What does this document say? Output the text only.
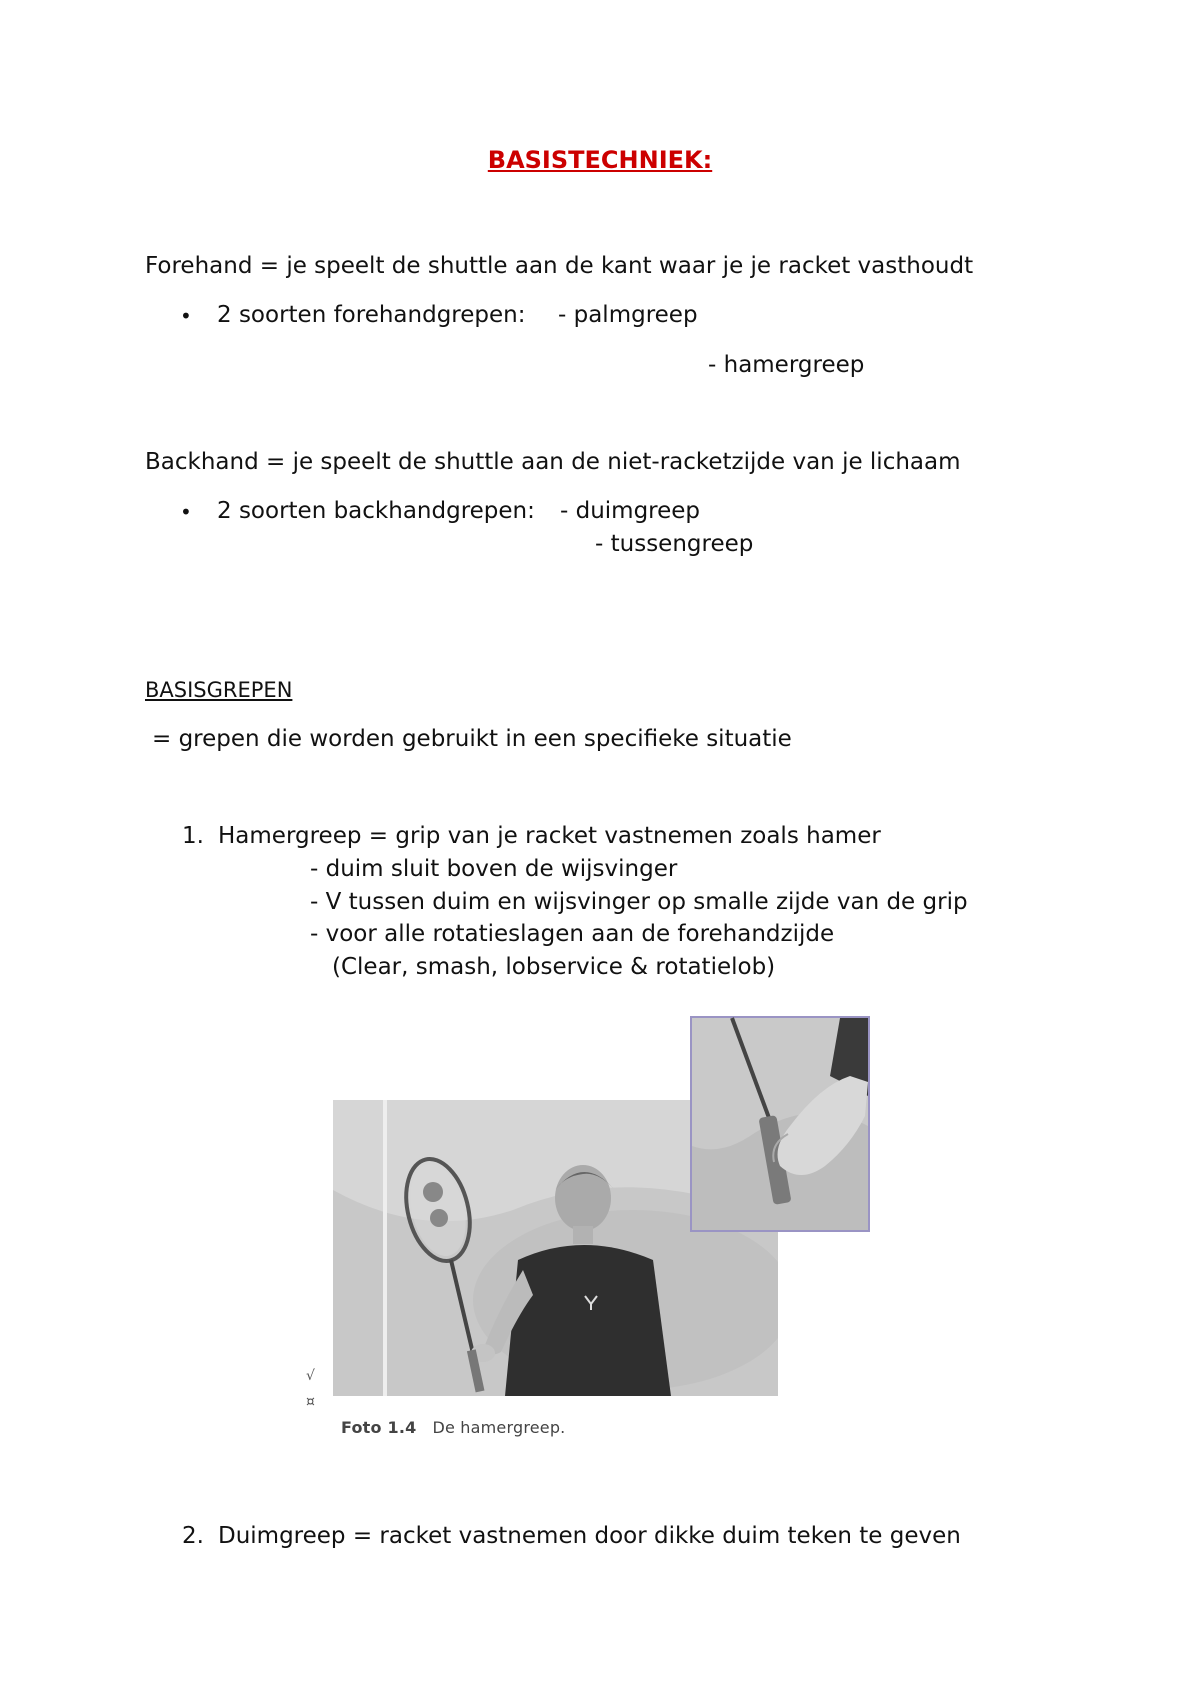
BASISTECHNIEK:
Forehand = je speelt de shuttle aan de kant waar je je racket vasthoudt
• 2 soorten forehandgrepen: - palmgreep
- hamergreep
Backhand = je speelt de shuttle aan de niet-racketzijde van je lichaam
• 2 soorten backhandgrepen: - duimgreep
- tussengreep
BASISGREPEN
= grepen die worden gebruikt in een specifieke situatie
1. Hamergreep = grip van je racket vastnemen zoals hamer
- duim sluit boven de wijsvinger
- V tussen duim en wijsvinger op smalle zijde van de grip
- voor alle rotatieslagen aan de forehandzijde
(Clear, smash, lobservice & rotatielob)
√
¤
Foto 1.4 De hamergreep.
2. Duimgreep = racket vastnemen door dikke duim teken te geven
